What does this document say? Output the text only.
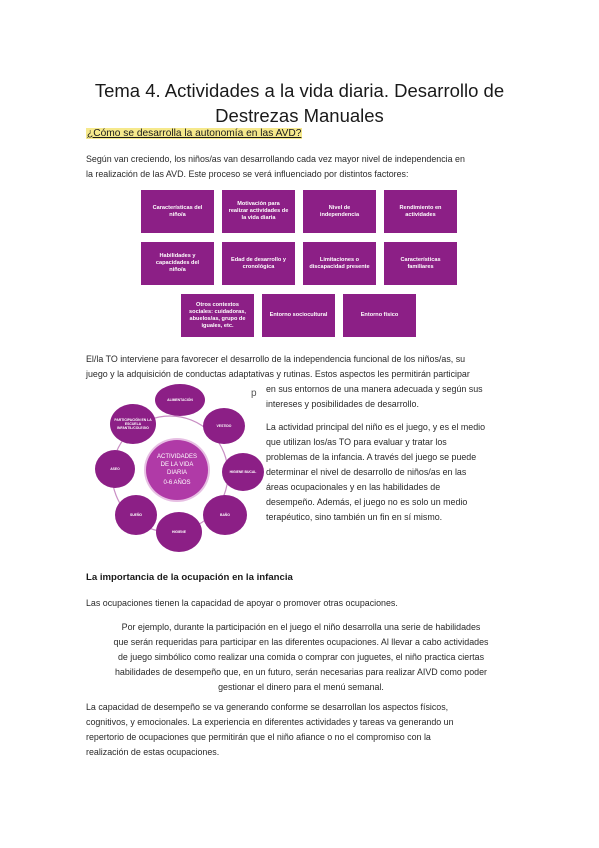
Tema 4. Actividades a la vida diaria. Desarrollo de
Destrezas Manuales
¿Cómo se desarrolla la autonomía en las AVD?
Según van creciendo, los niños/as van desarrollando cada vez mayor nivel de independencia en
la realización de las AVD. Este proceso se verá influenciado por distintos factores:
Características del niño/a
Motivación para realizar actividades de la vida diaria
Nivel de independencia
Rendimiento en actividades
Habilidades y capacidades del niño/a
Edad de desarrollo y cronológica
Limitaciones o discapacidad presente
Características familiares
Otros contextos sociales: cuidadoras, abuelos/as, grupo de iguales, etc.
Entorno sociocultural	Entorno físico
El/la TO interviene para favorecer el desarrollo de la independencia funcional de los niños/as, su
juego y la adquisición de conductas adaptativas y rutinas. Estos aspectos les permitirán participar
en sus entornos de una manera adecuada y según sus
intereses y posibilidades de desarrollo.
p
ALIMENTACIÓN
VESTIDO
HIGIENE BUCAL
BAÑO
HIGIENE
SUEÑO
ASEO
PARTICIPACIÓN EN LA ESCUELA INFANTIL/COLEGIO
ACTIVIDADES
DE LA VIDA
DIARIA
0-6 AÑOS
La actividad principal del niño es el juego, y es el medio
que utilizan los/as TO para evaluar y tratar los
problemas de la infancia. A través del juego se puede
determinar el nivel de desarrollo de niños/as en las
áreas ocupacionales y en las habilidades de
desempeño. Además, el juego no es solo un medio
terapéutico, sino también un fin en sí mismo.
La importancia de la ocupación en la infancia
Las ocupaciones tienen la capacidad de apoyar o promover otras ocupaciones.
Por ejemplo, durante la participación en el juego el niño desarrolla una serie de habilidades
que serán requeridas para participar en las diferentes ocupaciones. Al llevar a cabo actividades
de juego simbólico como realizar una comida o comprar con juguetes, el niño practica ciertas
habilidades de desempeño que, en un futuro, serán necesarias para realizar AIVD como poder
gestionar el dinero para el menú semanal.
La capacidad de desempeño se va generando conforme se desarrollan los aspectos físicos,
cognitivos, y emocionales. La experiencia en diferentes actividades y tareas va generando un
repertorio de ocupaciones que permitirán que el niño afiance o no el compromiso con la
realización de estas ocupaciones.
